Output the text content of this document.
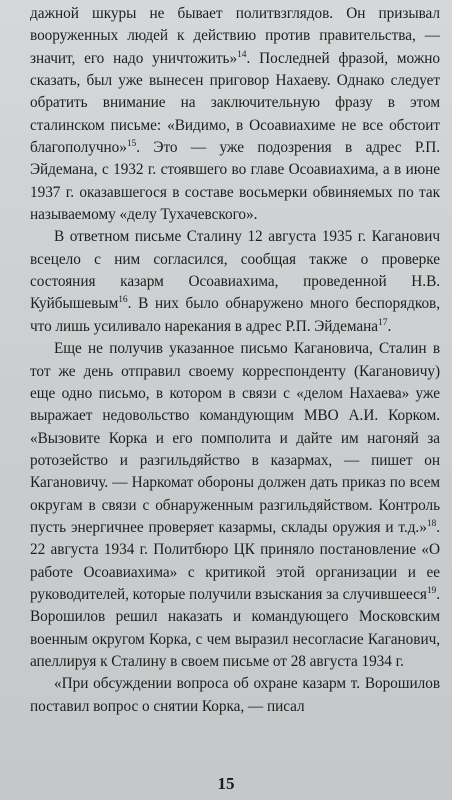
дажной шкуры не бывает политвзглядов. Он призывал вооруженных людей к действию против правительства, — значит, его надо уничтожить»$^{14}$. Последней фразой, можно сказать, был уже вынесен приговор Нахаеву. Однако следует обратить внимание на заключительную фразу в этом сталинском письме: «Видимо, в Осоавиахиме не все обстоит благополучно»$^{15}$. Это — уже подозрения в адрес Р.П. Эйдемана, с 1932 г. стоявшего во главе Осоавиахима, а в июне 1937 г. оказавшегося в составе восьмерки обвиняемых по так называемому «делу Тухачевского».

В ответном письме Сталину 12 августа 1935 г. Каганович всецело с ним согласился, сообщая также о проверке состояния казарм Осоавиахима, проведенной Н.В. Куйбышевым$^{16}$. В них было обнаружено много беспорядков, что лишь усиливало нарекания в адрес Р.П. Эйдемана$^{17}$.

Еще не получив указанное письмо Кагановича, Сталин в тот же день отправил своему корреспонденту (Кагановичу) еще одно письмо, в котором в связи с «делом Нахаева» уже выражает недовольство командующим МВО А.И. Корком. «Вызовите Корка и его помполита и дайте им нагоняй за ротозейство и разгильдяйство в казармах, — пишет он Кагановичу. — Наркомат обороны должен дать приказ по всем округам в связи с обнаруженным разгильдяйством. Контроль пусть энергичнее проверяет казармы, склады оружия и т.д.»$^{18}$. 22 августа 1934 г. Политбюро ЦК приняло постановление «О работе Осоавиахима» с критикой этой организации и ее руководителей, которые получили взыскания за случившееся$^{19}$. Ворошилов решил наказать и командующего Московским военным округом Корка, с чем выразил несогласие Каганович, апеллируя к Сталину в своем письме от 28 августа 1934 г.

«При обсуждении вопроса об охране казарм т. Ворошилов поставил вопрос о снятии Корка, — писал

15
